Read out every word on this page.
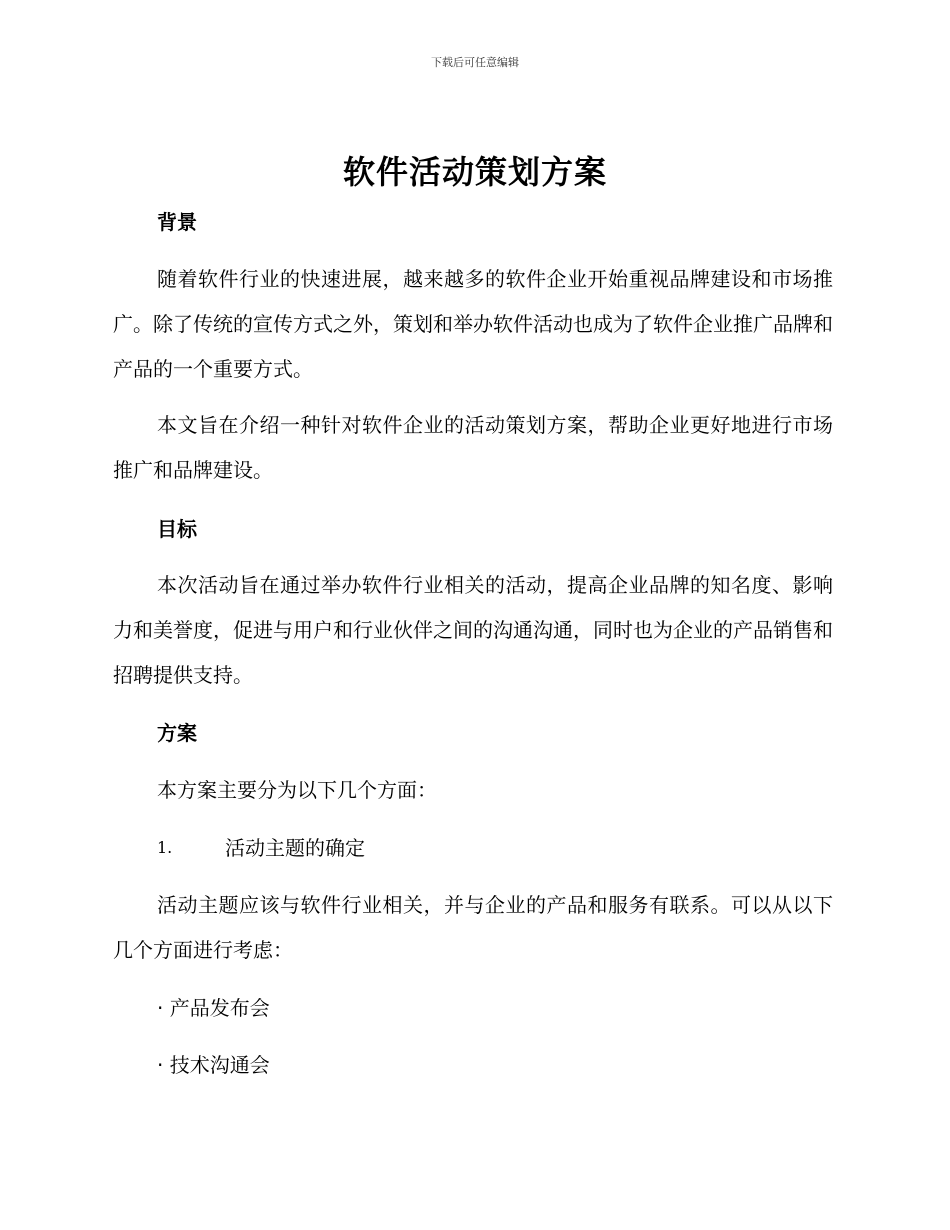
下载后可任意编辑
软件活动策划方案
背景

随着软件行业的快速进展，越来越多的软件企业开始重视品牌建设和市场推广。除了传统的宣传方式之外，策划和举办软件活动也成为了软件企业推广品牌和产品的一个重要方式。

本文旨在介绍一种针对软件企业的活动策划方案，帮助企业更好地进行市场推广和品牌建设。

目标

本次活动旨在通过举办软件行业相关的活动，提高企业品牌的知名度、影响力和美誉度，促进与用户和行业伙伴之间的沟通沟通，同时也为企业的产品销售和招聘提供支持。

方案
本方案主要分为以下几个方面：
1.	活动主题的确定

活动主题应该与软件行业相关，并与企业的产品和服务有联系。可以从以下几个方面进行考虑：

· 产品发布会
· 技术沟通会
